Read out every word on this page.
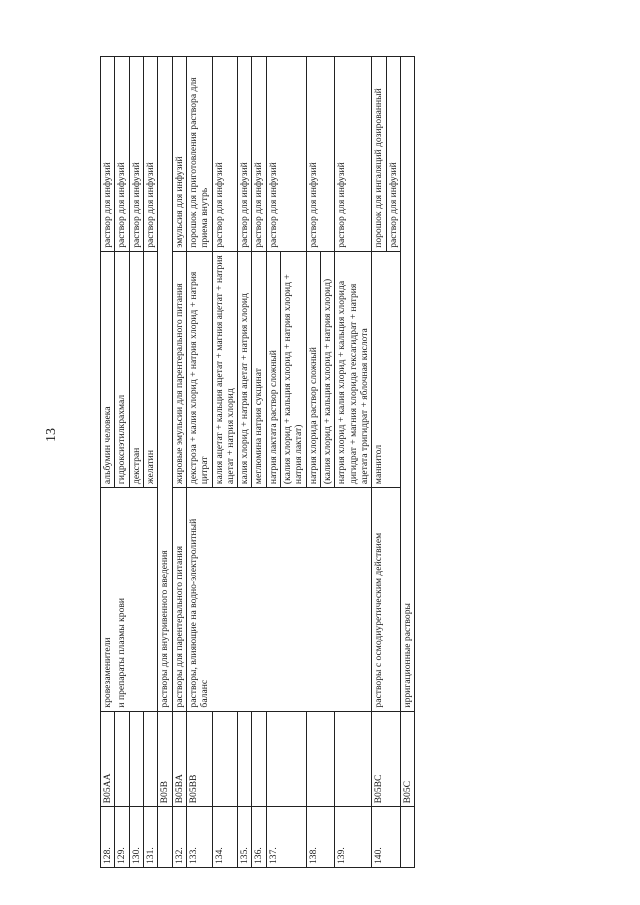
13
128.	B05AA	кровезаменители	альбумин человека	раствор для инфузий
129.		и препараты плазмы крови	гидроксиэтилкрахмал	раствор для инфузий
130.			декстран	раствор для инфузий
131.			желатин	раствор для инфузий
	B05B	растворы для внутривенного введения		
132.	B05BA	растворы для парентерального питания	жировые эмульсии для парентерального питания	эмульсия для инфузий
133.	B05BB	растворы, влияющие на водно-электролитный баланс	декстроза + калия хлорид + натрия хлорид + натрия цитрат	порошок для приготовления раствора для приема внутрь
134.			калия ацетат + кальция ацетат + магния ацетат + натрия ацетат + натрия хлорид	раствор для инфузий
135.			калия хлорид + натрия ацетат + натрия хлорид	раствор для инфузий
136.			меглюмина натрия сукцинат	раствор для инфузий
137.			натрия лактата раствор сложный	раствор для инфузий
			(калия хлорид + кальция хлорид + натрия хлорид + натрия лактат)	
138.			натрия хлорида раствор сложный	раствор для инфузий
			(калия хлорид + кальция хлорид + натрия хлорид)	
139.			натрия хлорид + калия хлорид + кальция хлорида дигидрат + магния хлорида гексагидрат + натрия ацетата тригидрат + яблочная кислота	раствор для инфузий
140.	B05BC	растворы с осмодиуретическим действием	маннитол	порошок для ингаляций дозированный
				раствор для инфузий
	B05C	ирригационные растворы		
